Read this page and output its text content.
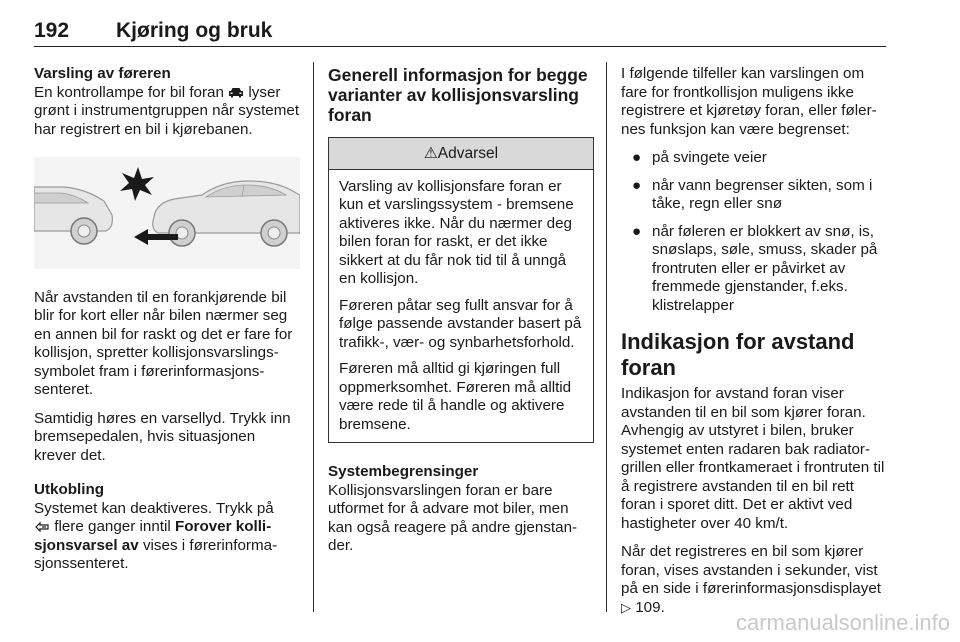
192 Kjøring og bruk

Varsling av føreren

En kontrollampe for bil foran lyser grønt i instrumentgruppen når systemet har registrert en bil i kjørebanen.

Når avstanden til en forankjørende bil blir for kort eller når bilen nærmer seg en annen bil for raskt og det er fare for kollisjon, spretter kollisjonsvarslingssymbolet fram i førerinformasjonssenteret.

Samtidig høres en varsellyd. Trykk inn bremsepedalen, hvis situasjonen krever det.

Utkobling

Systemet kan deaktiveres. Trykk på
flere ganger inntil Forover kollisjonsvarsel av vises i førerinformasjonssenteret.

Generell informasjon for begge varianter av kollisjonsvarsling foran

⚠Advarsel

Varsling av kollisjonsfare foran er kun et varslingssystem - bremsene aktiveres ikke. Når du nærmer deg bilen foran for raskt, er det ikke sikkert at du får nok tid til å unngå en kollisjon.

Føreren påtar seg fullt ansvar for å følge passende avstander basert på trafikk-, vær- og synbarhetsforhold.

Føreren må alltid gi kjøringen full oppmerksomhet. Føreren må alltid være rede til å handle og aktivere bremsene.

Systembegrensinger

Kollisjonsvarslingen foran er bare utformet for å advare mot biler, men kan også reagere på andre gjenstander.

I følgende tilfeller kan varslingen om fare for frontkollisjon muligens ikke registrere et kjøretøy foran, eller følernes funksjon kan være begrenset:

● på svingete veier
● når vann begrenser sikten, som i tåke, regn eller snø
● når føleren er blokkert av snø, is, snøslaps, søle, smuss, skader på frontruten eller er påvirket av fremmede gjenstander, f.eks. klistrelapper

Indikasjon for avstand foran

Indikasjon for avstand foran viser avstanden til en bil som kjører foran. Avhengig av utstyret i bilen, bruker systemet enten radaren bak radiatorgrillen eller frontkameraet i frontruten til å registrere avstanden til en bil rett foran i sporet ditt. Det er aktivt ved hastigheter over 40 km/t.

Når det registreres en bil som kjører foran, vises avstanden i sekunder, vist på en side i førerinformasjonsdisplayet ▷ 109.

carmanualsonline.info
